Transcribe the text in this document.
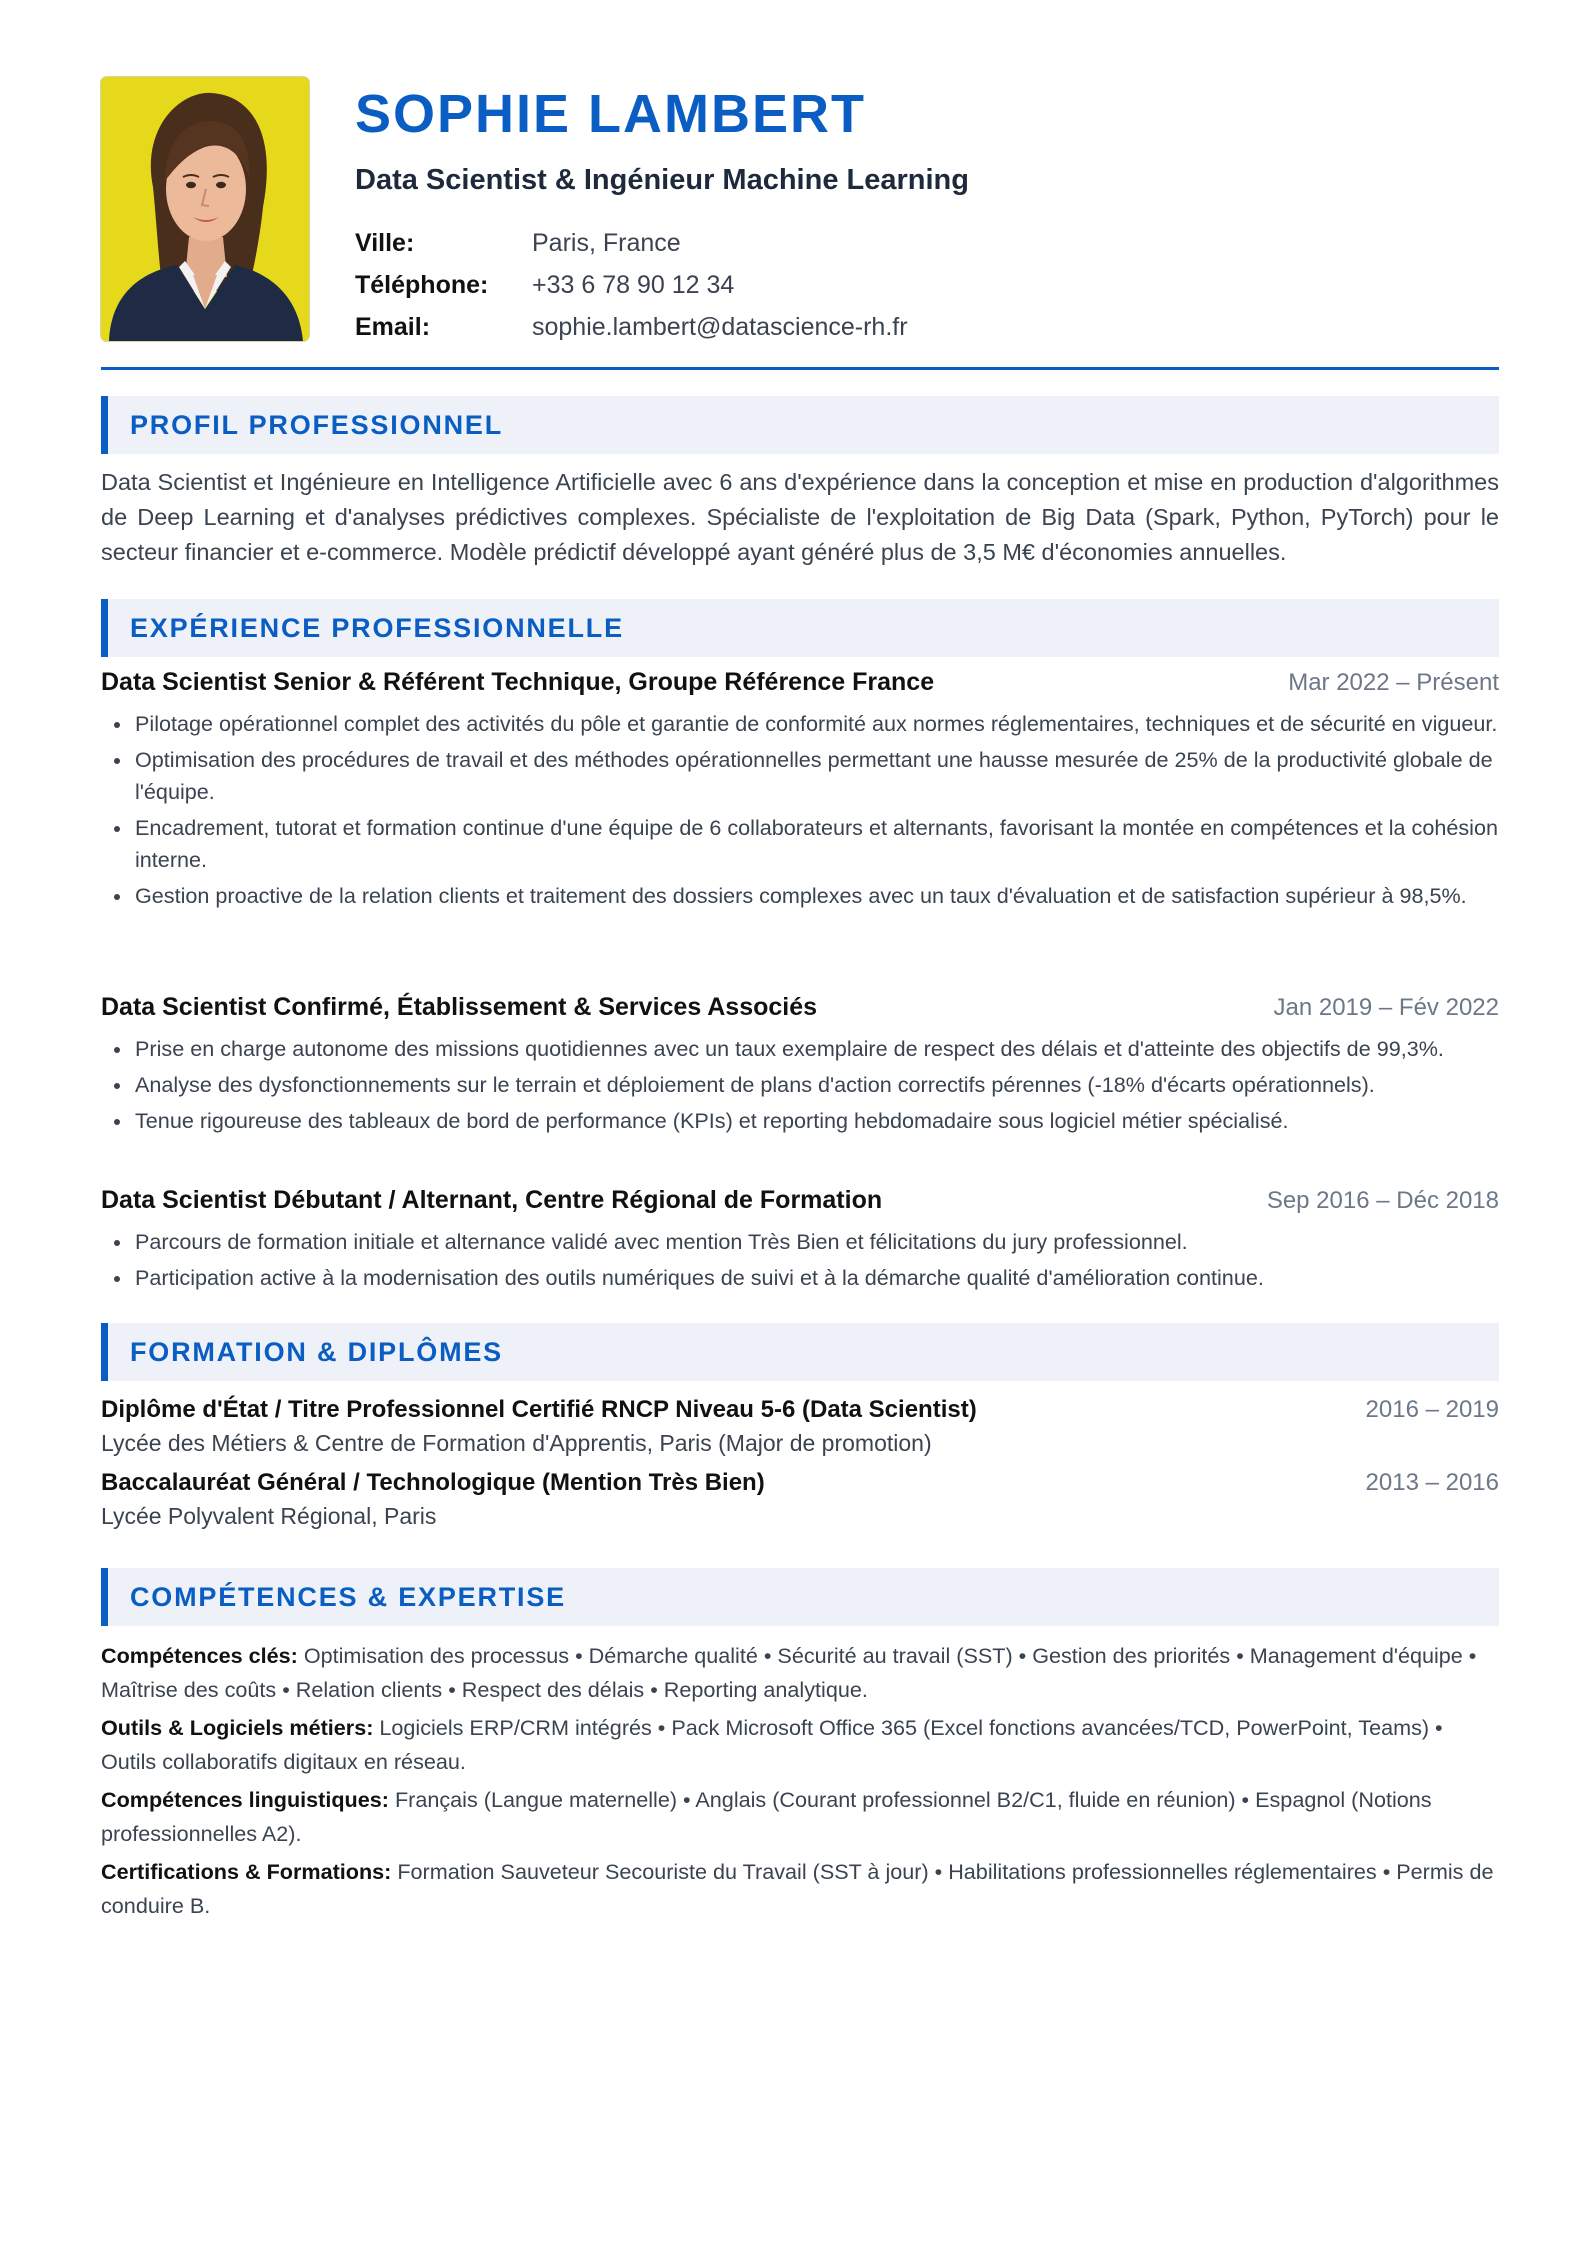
SOPHIE LAMBERT
Data Scientist & Ingénieur Machine Learning
Ville:	Paris, France
Téléphone:	+33 6 78 90 12 34
Email:	sophie.lambert@datascience-rh.fr
PROFIL PROFESSIONNEL

Data Scientist et Ingénieure en Intelligence Artificielle avec 6 ans d'expérience dans la conception et mise en production d'algorithmes de Deep Learning et d'analyses prédictives complexes. Spécialiste de l'exploitation de Big Data (Spark, Python, PyTorch) pour le secteur financier et e-commerce. Modèle prédictif développé ayant généré plus de 3,5 M€ d'économies annuelles.

EXPÉRIENCE PROFESSIONNELLE
Data Scientist Senior & Référent Technique, Groupe Référence France	Mar 2022 – Présent
Pilotage opérationnel complet des activités du pôle et garantie de conformité aux normes réglementaires, techniques et de sécurité en vigueur.
Optimisation des procédures de travail et des méthodes opérationnelles permettant une hausse mesurée de 25% de la productivité globale de l'équipe.
Encadrement, tutorat et formation continue d'une équipe de 6 collaborateurs et alternants, favorisant la montée en compétences et la cohésion interne.
Gestion proactive de la relation clients et traitement des dossiers complexes avec un taux d'évaluation et de satisfaction supérieur à 98,5%.
Data Scientist Confirmé, Établissement & Services Associés	Jan 2019 – Fév 2022
Prise en charge autonome des missions quotidiennes avec un taux exemplaire de respect des délais et d'atteinte des objectifs de 99,3%.
Analyse des dysfonctionnements sur le terrain et déploiement de plans d'action correctifs pérennes (-18% d'écarts opérationnels).
Tenue rigoureuse des tableaux de bord de performance (KPIs) et reporting hebdomadaire sous logiciel métier spécialisé.
Data Scientist Débutant / Alternant, Centre Régional de Formation	Sep 2016 – Déc 2018
Parcours de formation initiale et alternance validé avec mention Très Bien et félicitations du jury professionnel.
Participation active à la modernisation des outils numériques de suivi et à la démarche qualité d'amélioration continue.
FORMATION & DIPLÔMES
Diplôme d'État / Titre Professionnel Certifié RNCP Niveau 5-6 (Data Scientist)	2016 – 2019
Lycée des Métiers & Centre de Formation d'Apprentis, Paris (Major de promotion)
Baccalauréat Général / Technologique (Mention Très Bien)	2013 – 2016
Lycée Polyvalent Régional, Paris
COMPÉTENCES & EXPERTISE
Compétences clés: Optimisation des processus • Démarche qualité • Sécurité au travail (SST) • Gestion des priorités • Management d'équipe • Maîtrise des coûts • Relation clients • Respect des délais • Reporting analytique.
Outils & Logiciels métiers: Logiciels ERP/CRM intégrés • Pack Microsoft Office 365 (Excel fonctions avancées/TCD, PowerPoint, Teams) • Outils collaboratifs digitaux en réseau.
Compétences linguistiques: Français (Langue maternelle) • Anglais (Courant professionnel B2/C1, fluide en réunion) • Espagnol (Notions professionnelles A2).
Certifications & Formations: Formation Sauveteur Secouriste du Travail (SST à jour) • Habilitations professionnelles réglementaires • Permis de conduire B.
